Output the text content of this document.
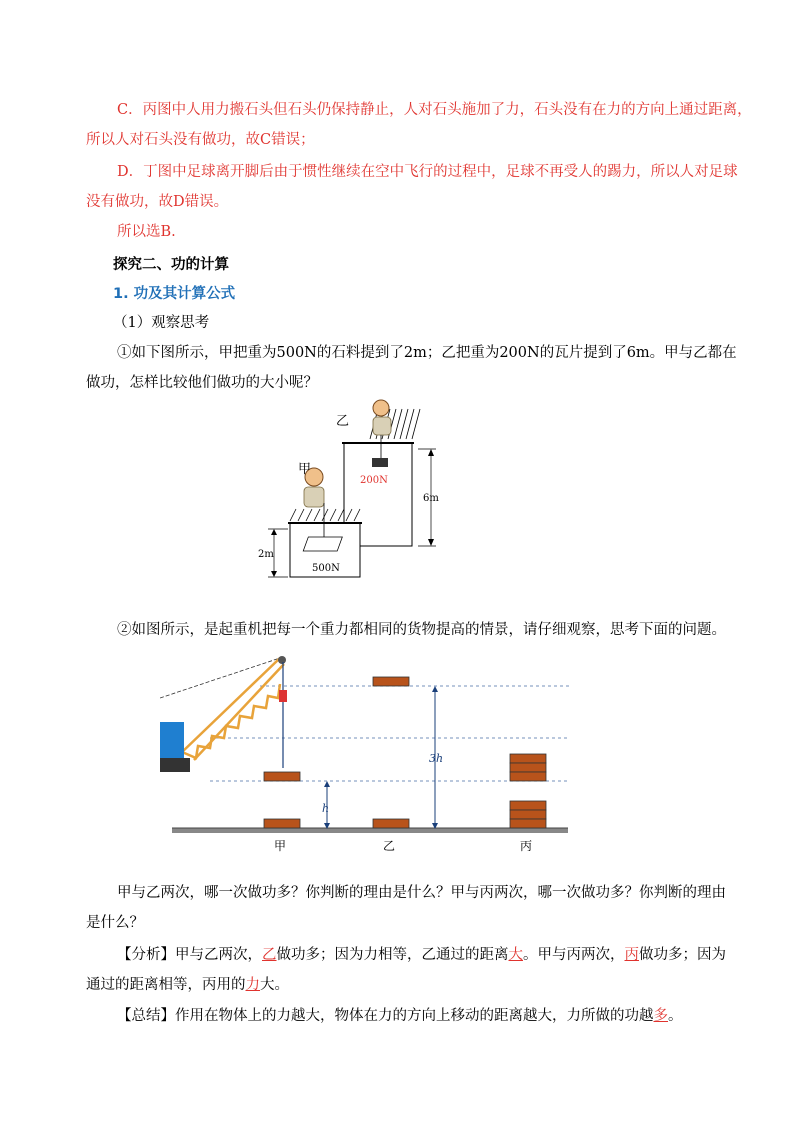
C．丙图中人用力搬石头但石头仍保持静止，人对石头施加了力，石头没有在力的方向上通过距离，
所以人对石头没有做功，故C错误；
D．丁图中足球离开脚后由于惯性继续在空中飞行的过程中，足球不再受人的踢力，所以人对足球
没有做功，故D错误。
所以选B.
探究二、功的计算
1. 功及其计算公式
（1）观察思考
①如下图所示，甲把重为500N的石料提到了2m；乙把重为200N的瓦片提到了6m。甲与乙都在
做功，怎样比较他们做功的大小呢？
乙
200N
6m
甲
500N
2m
②如图所示，是起重机把每一个重力都相同的货物提高的情景，请仔细观察，思考下面的问题。
h
3h
甲	乙	丙
甲与乙两次，哪一次做功多？你判断的理由是什么？甲与丙两次，哪一次做功多？你判断的理由
是什么？
【分析】甲与乙两次，乙做功多；因为力相等，乙通过的距离大。甲与丙两次，丙做功多；因为
通过的距离相等，丙用的力大。
【总结】作用在物体上的力越大，物体在力的方向上移动的距离越大，力所做的功越多。
